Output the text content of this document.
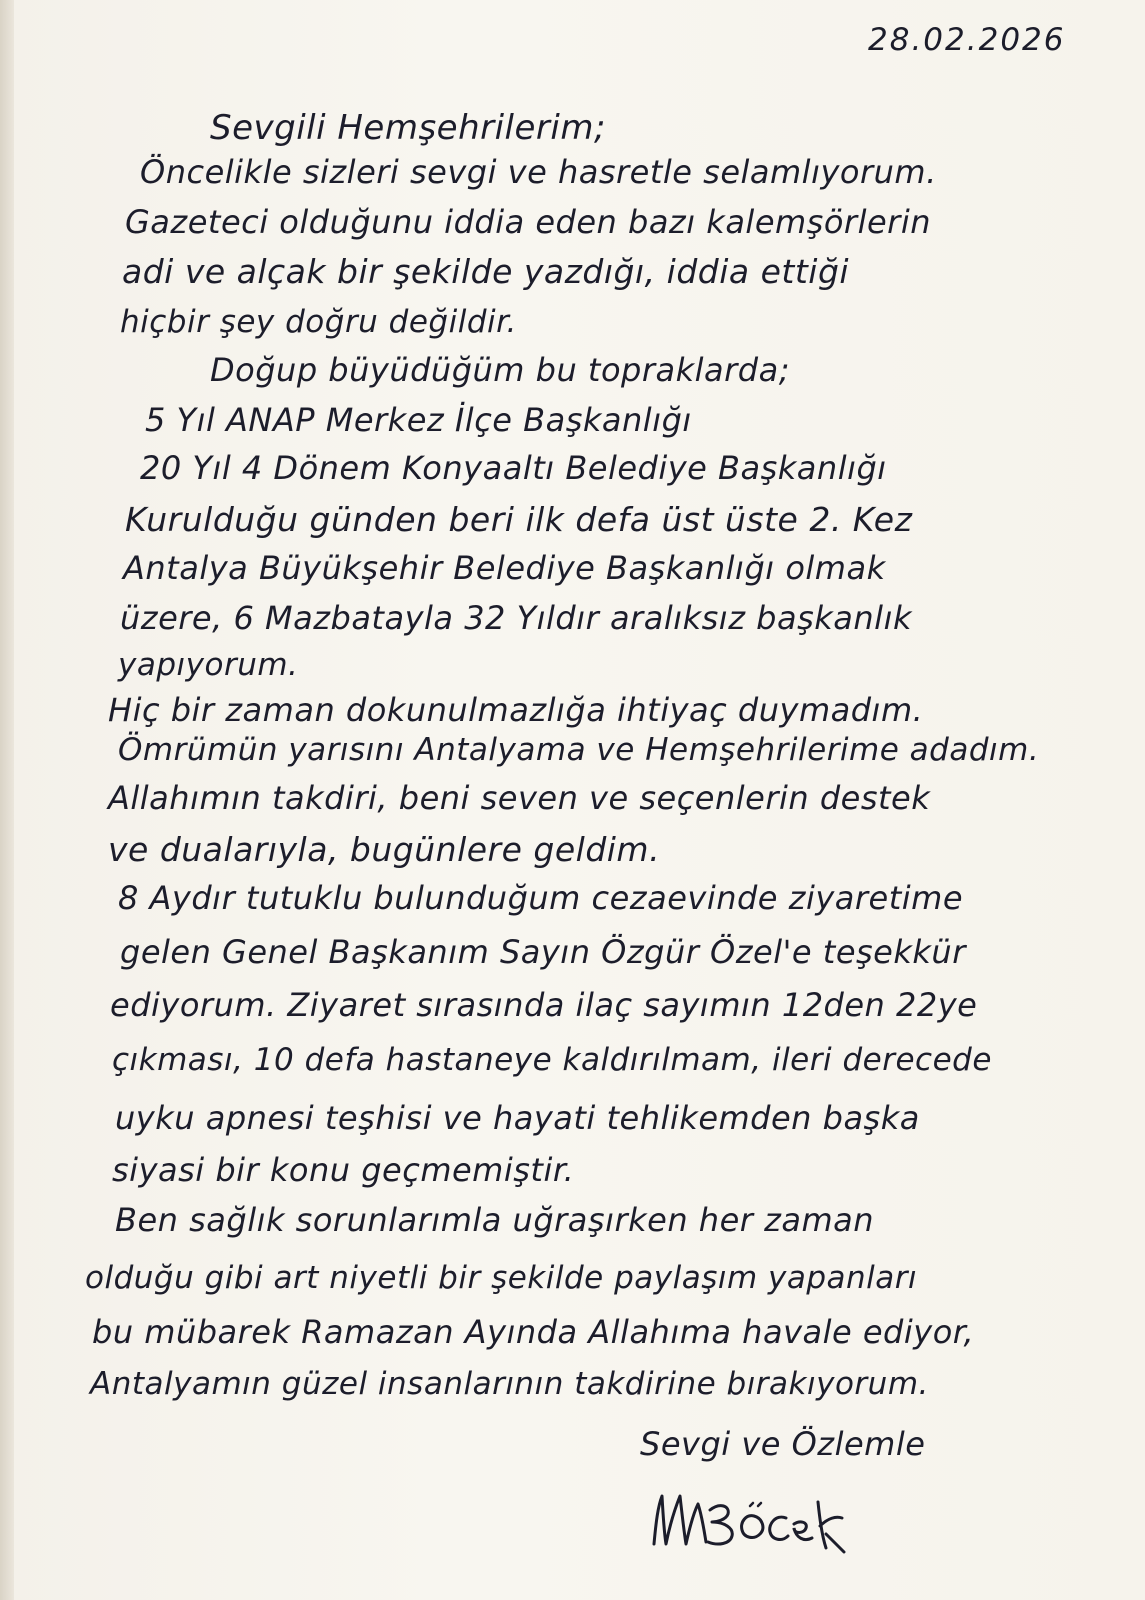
28.02.2026

Sevgili Hemşehrilerim;

Öncelikle sizleri sevgi ve hasretle selamlıyorum.

Gazeteci olduğunu iddia eden bazı kalemşörlerin

adi ve alçak bir şekilde yazdığı, iddia ettiği

hiçbir şey doğru değildir.

Doğup büyüdüğüm bu topraklarda;

5 Yıl ANAP Merkez İlçe Başkanlığı

20 Yıl 4 Dönem Konyaaltı Belediye Başkanlığı

Kurulduğu günden beri ilk defa üst üste 2. Kez

Antalya Büyükşehir Belediye Başkanlığı olmak

üzere, 6 Mazbatayla 32 Yıldır aralıksız başkanlık

yapıyorum.

Hiç bir zaman dokunulmazlığa ihtiyaç duymadım.

Ömrümün yarısını Antalyama ve Hemşehrilerime adadım.

Allahımın takdiri, beni seven ve seçenlerin destek

ve dualarıyla, bugünlere geldim.

8 Aydır tutuklu bulunduğum cezaevinde ziyaretime

gelen Genel Başkanım Sayın Özgür Özel'e teşekkür

ediyorum. Ziyaret sırasında ilaç sayımın 12den 22ye

çıkması, 10 defa hastaneye kaldırılmam, ileri derecede

uyku apnesi teşhisi ve hayati tehlikemden başka

siyasi bir konu geçmemiştir.

Ben sağlık sorunlarımla uğraşırken her zaman

olduğu gibi art niyetli bir şekilde paylaşım yapanları

bu mübarek Ramazan Ayında Allahıma havale ediyor,

Antalyamın güzel insanlarının takdirine bırakıyorum.

Sevgi ve Özlemle
